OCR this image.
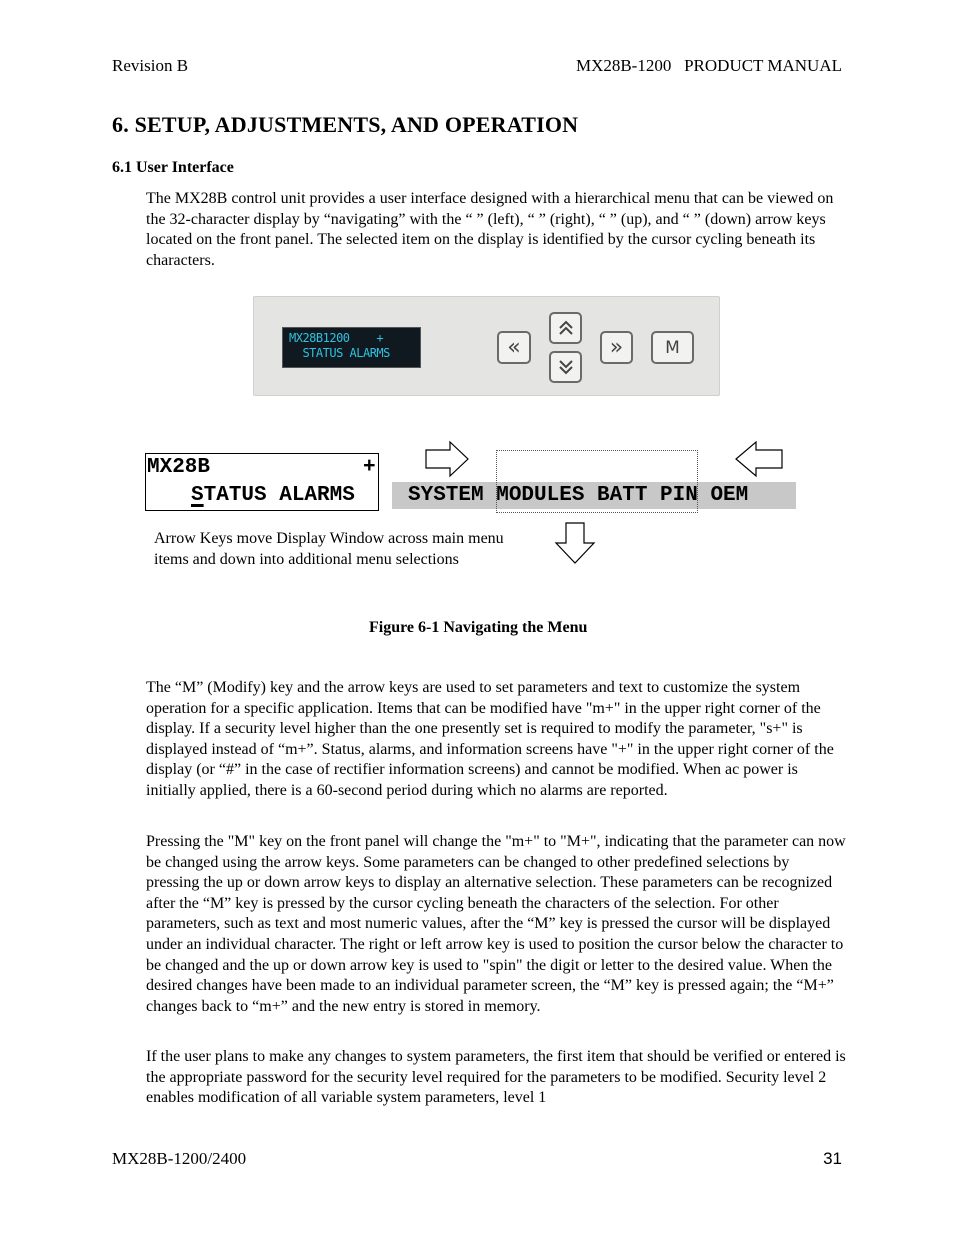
Revision B	MX28B-1200   PRODUCT MANUAL
6. SETUP, ADJUSTMENTS, AND OPERATION
6.1 User Interface

The MX28B control unit provides a user interface designed with a hierarchical menu that can be viewed on the 32-character display by “navigating” with the “ ” (left), “ ” (right), “ ” (up), and “ ” (down) arrow keys located on the front panel. The selected item on the display is identified by the cursor cycling beneath its characters.

MX28B1200    +
STATUS ALARMS	«	»	M
MX28B	+
STATUS ALARMS	SYSTEM MODULES BATT PIN OEM
Arrow Keys move Display Window across main menu items and down into additional menu selections
Figure 6-1 Navigating the Menu

The “M” (Modify) key and the arrow keys are used to set parameters and text to customize the system operation for a specific application. Items that can be modified have "m+" in the upper right corner of the display. If a security level higher than the one presently set is required to modify the parameter, "s+" is displayed instead of “m+”. Status, alarms, and information screens have "+" in the upper right corner of the display (or “#” in the case of rectifier information screens) and cannot be modified. When ac power is initially applied, there is a 60-second period during which no alarms are reported.

Pressing the "M" key on the front panel will change the "m+" to "M+", indicating that the parameter can now be changed using the arrow keys. Some parameters can be changed to other predefined selections by pressing the up or down arrow keys to display an alternative selection. These parameters can be recognized after the “M” key is pressed by the cursor cycling beneath the characters of the selection. For other parameters, such as text and most numeric values, after the “M” key is pressed the cursor will be displayed under an individual character. The right or left arrow key is used to position the cursor below the character to be changed and the up or down arrow key is used to "spin" the digit or letter to the desired value. When the desired changes have been made to an individual parameter screen, the “M” key is pressed again; the “M+” changes back to “m+” and the new entry is stored in memory.

If the user plans to make any changes to system parameters, the first item that should be verified or entered is the appropriate password for the security level required for the parameters to be modified. Security level 2 enables modification of all variable system parameters, level 1

MX28B-1200/2400	31
